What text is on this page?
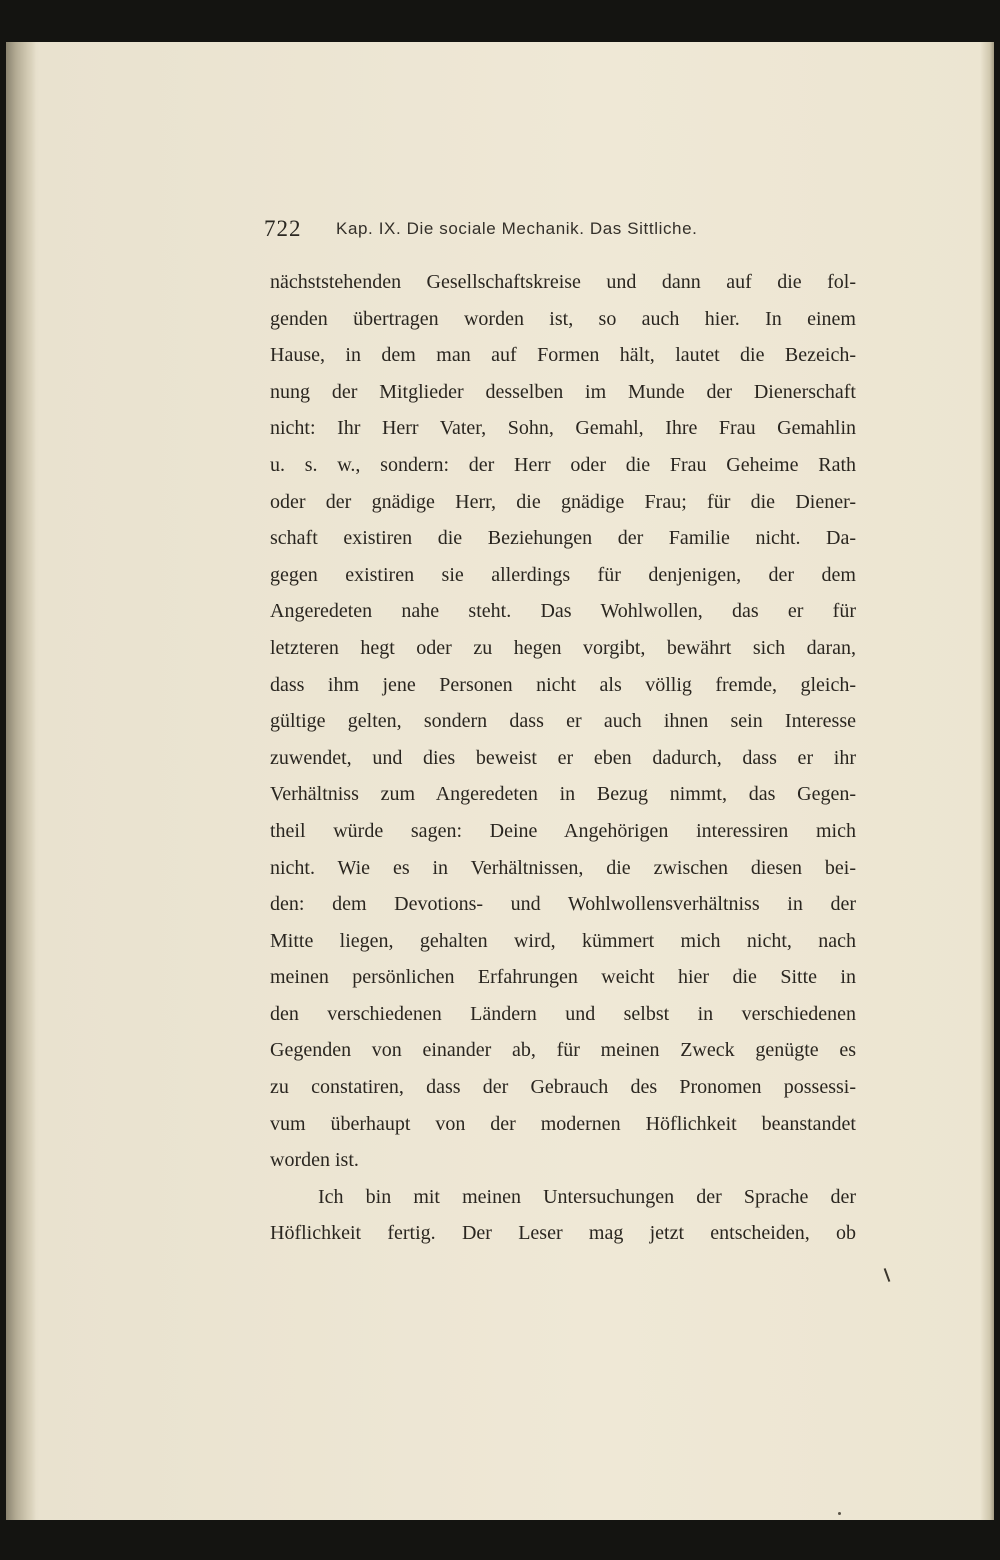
722 Kap. IX. Die sociale Mechanik. Das Sittliche.
nächststehenden Gesellschaftskreise und dann auf die fol-
genden übertragen worden ist, so auch hier. In einem
Hause, in dem man auf Formen hält, lautet die Bezeich-
nung der Mitglieder desselben im Munde der Dienerschaft
nicht: Ihr Herr Vater, Sohn, Gemahl, Ihre Frau Gemahlin
u. s. w., sondern: der Herr oder die Frau Geheime Rath
oder der gnädige Herr, die gnädige Frau; für die Diener-
schaft existiren die Beziehungen der Familie nicht. Da-
gegen existiren sie allerdings für denjenigen, der dem
Angeredeten nahe steht. Das Wohlwollen, das er für
letzteren hegt oder zu hegen vorgibt, bewährt sich daran,
dass ihm jene Personen nicht als völlig fremde, gleich-
gültige gelten, sondern dass er auch ihnen sein Interesse
zuwendet, und dies beweist er eben dadurch, dass er ihr
Verhältniss zum Angeredeten in Bezug nimmt, das Gegen-
theil würde sagen: Deine Angehörigen interessiren mich
nicht. Wie es in Verhältnissen, die zwischen diesen bei-
den: dem Devotions- und Wohlwollensverhältniss in der
Mitte liegen, gehalten wird, kümmert mich nicht, nach
meinen persönlichen Erfahrungen weicht hier die Sitte in
den verschiedenen Ländern und selbst in verschiedenen
Gegenden von einander ab, für meinen Zweck genügte es
zu constatiren, dass der Gebrauch des Pronomen possessi-
vum überhaupt von der modernen Höflichkeit beanstandet
worden ist.
Ich bin mit meinen Untersuchungen der Sprache der
Höflichkeit fertig. Der Leser mag jetzt entscheiden, ob
